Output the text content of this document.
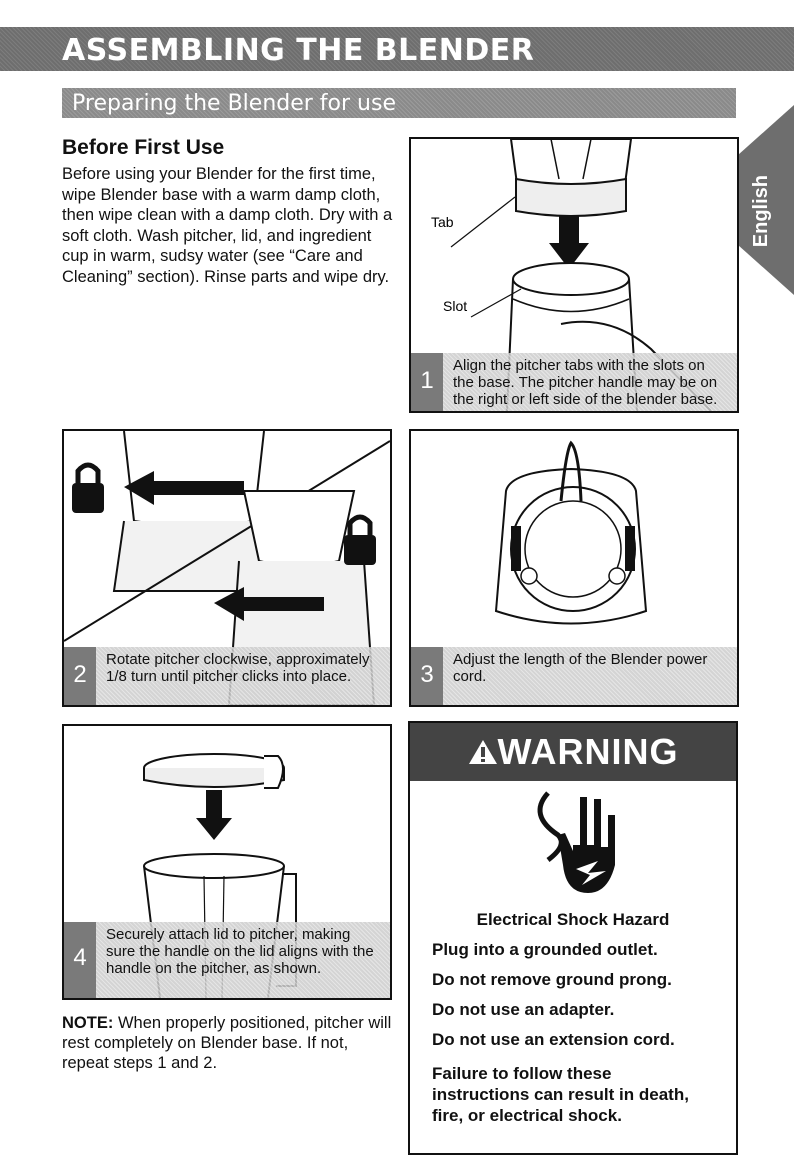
ASSEMBLING THE BLENDER
Preparing the Blender for use
English
Before First Use
Before using your Blender for the first time, wipe Blender base with a warm damp cloth, then wipe clean with a damp cloth. Dry with a soft cloth. Wash pitcher, lid, and ingredient cup in warm, sudsy water (see “Care and Cleaning” section). Rinse parts and wipe dry.
Tab
Slot
1
Align the pitcher tabs with the slots on the base. The pitcher handle may be on the right or left side of the blender base.
2
Rotate pitcher clockwise, approximately 1/8 turn until pitcher clicks into place.	3
Adjust the length of the Blender power cord.
4
Securely attach lid to pitcher, making sure the handle on the lid aligns with the handle on the pitcher, as shown.
NOTE: When properly positioned, pitcher will rest completely on Blender base. If not, repeat steps 1 and 2.
WARNING
Electrical Shock Hazard
Plug into a grounded outlet.
Do not remove ground prong.
Do not use an adapter.
Do not use an extension cord.
Failure to follow these instructions can result in death, fire, or electrical shock.
